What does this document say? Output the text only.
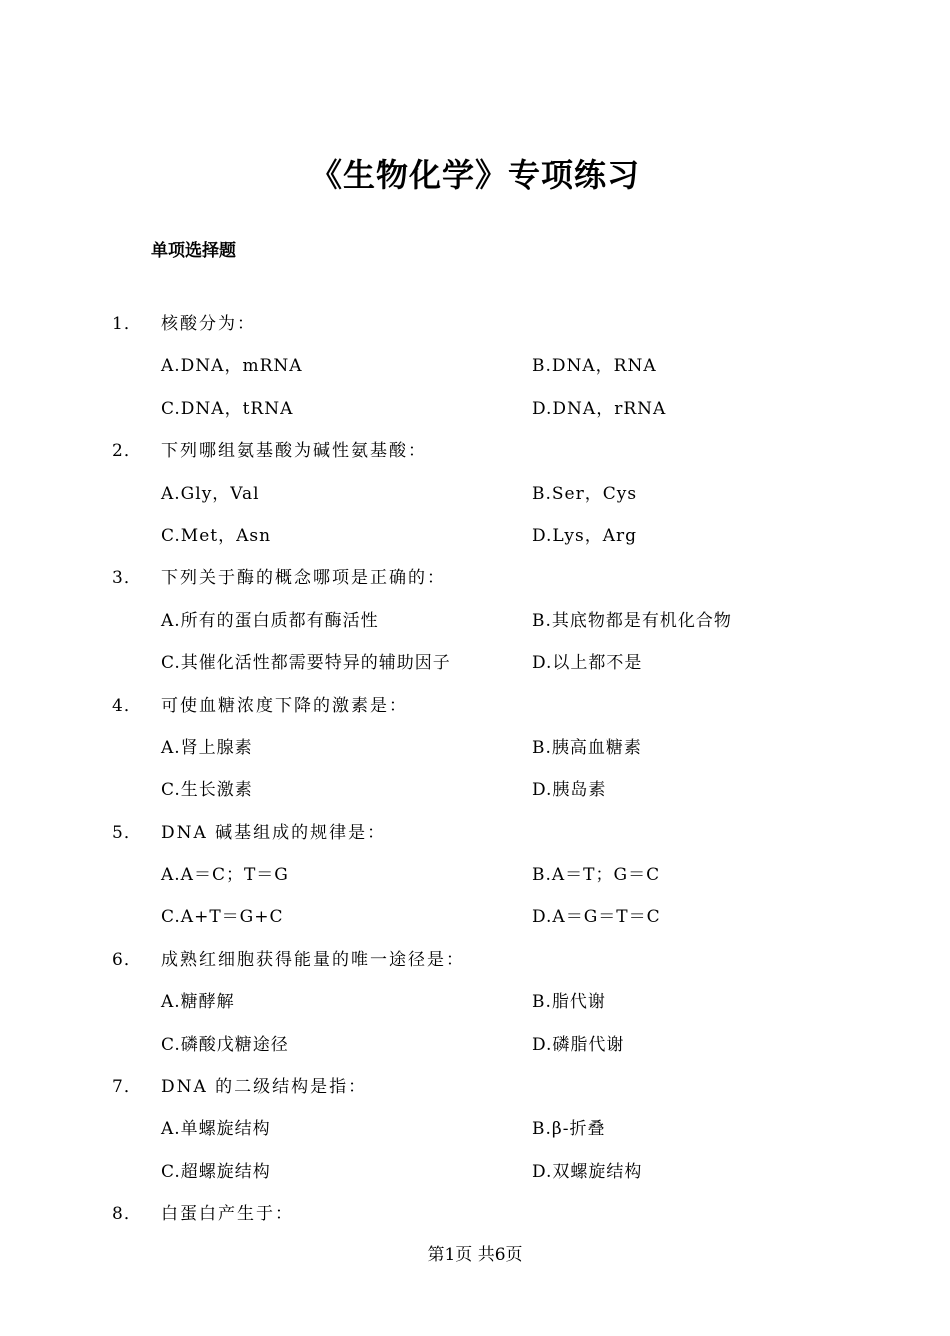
《生物化学》专项练习
单项选择题
1．	核酸分为：
A.DNA，mRNA	B.DNA，RNA
C.DNA，tRNA	D.DNA，rRNA
2．	下列哪组氨基酸为碱性氨基酸：
A.Gly，Val	B.Ser，Cys
C.Met，Asn	D.Lys，Arg
3．	下列关于酶的概念哪项是正确的：
A.所有的蛋白质都有酶活性	B.其底物都是有机化合物
C.其催化活性都需要特异的辅助因子	D.以上都不是
4．	可使血糖浓度下降的激素是：
A.肾上腺素	B.胰高血糖素
C.生长激素	D.胰岛素
5．	DNA 碱基组成的规律是：
A.A＝C；T＝G	B.A＝T；G＝C
C.A+T＝G+C	D.A＝G＝T＝C
6．	成熟红细胞获得能量的唯一途径是：
A.糖酵解	B.脂代谢
C.磷酸戊糖途径	D.磷脂代谢
7．	DNA 的二级结构是指：
A.单螺旋结构	B.β-折叠
C.超螺旋结构	D.双螺旋结构
8．	白蛋白产生于：
第1页 共6页
